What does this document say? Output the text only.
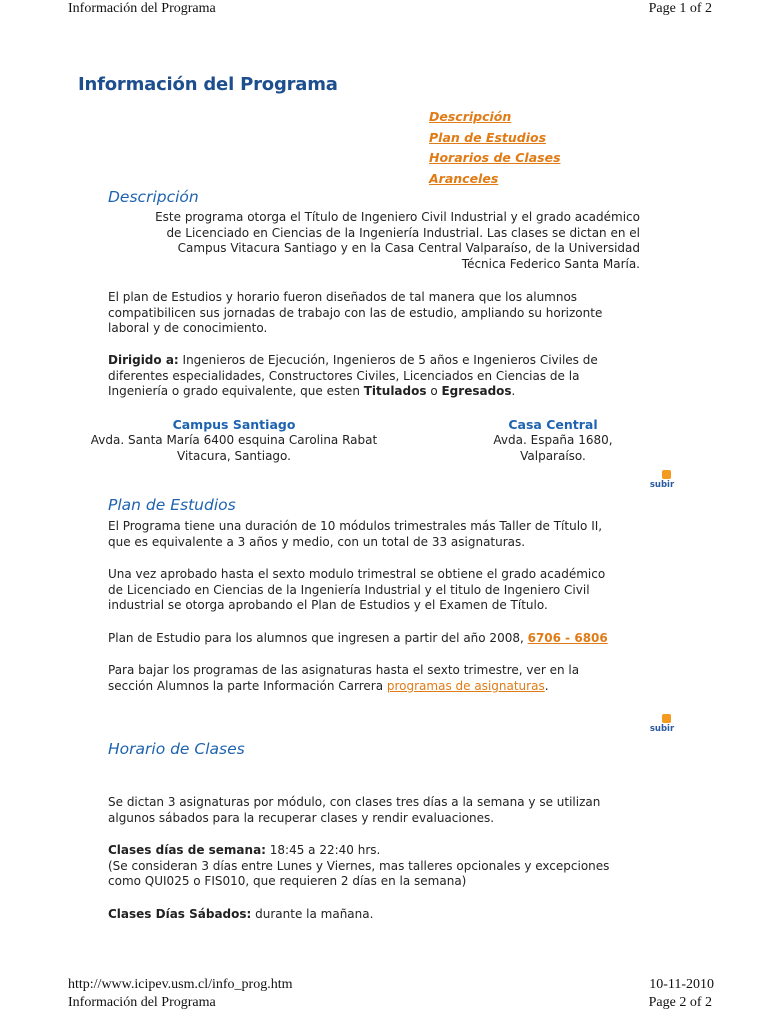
Información del Programa	Page 1 of 2
Información del Programa
Descripción
Plan de Estudios
Horarios de Clases
Aranceles
Descripción
Este programa otorga el Título de Ingeniero Civil Industrial y el grado académico
de Licenciado en Ciencias de la Ingeniería Industrial. Las clases se dictan en el
Campus Vitacura Santiago y en la Casa Central Valparaíso, de la Universidad
Técnica Federico Santa María.
El plan de Estudios y horario fueron diseñados de tal manera que los alumnos
compatibilicen sus jornadas de trabajo con las de estudio, ampliando su horizonte
laboral y de conocimiento.
Dirigido a: Ingenieros de Ejecución, Ingenieros de 5 años e Ingenieros Civiles de
diferentes especialidades, Constructores Civiles, Licenciados en Ciencias de la
Ingeniería o grado equivalente, que esten Titulados o Egresados.

Campus Santiago

Avda. Santa María 6400 esquina Carolina Rabat
Vitacura, Santiago.

Casa Central

Avda. España 1680,
Valparaíso.
subir
Plan de Estudios
El Programa tiene una duración de 10 módulos trimestrales más Taller de Título II,
que es equivalente a 3 años y medio, con un total de 33 asignaturas.
Una vez aprobado hasta el sexto modulo trimestral se obtiene el grado académico
de Licenciado en Ciencias de la Ingeniería Industrial y el titulo de Ingeniero Civil
industrial se otorga aprobando el Plan de Estudios y el Examen de Título.
Plan de Estudio para los alumnos que ingresen a partir del año 2008, 6706 - 6806
Para bajar los programas de las asignaturas hasta el sexto trimestre, ver en la
sección Alumnos la parte Información Carrera programas de asignaturas.
subir
Horario de Clases
Se dictan 3 asignaturas por módulo, con clases tres días a la semana y se utilizan
algunos sábados para la recuperar clases y rendir evaluaciones.
Clases días de semana: 18:45 a 22:40 hrs.
(Se consideran 3 días entre Lunes y Viernes, mas talleres opcionales y excepciones
como QUI025 o FIS010, que requieren 2 días en la semana)
Clases Días Sábados: durante la mañana.
http://www.icipev.usm.cl/info_prog.htm
Información del Programa
10-11-2010
Page 2 of 2
